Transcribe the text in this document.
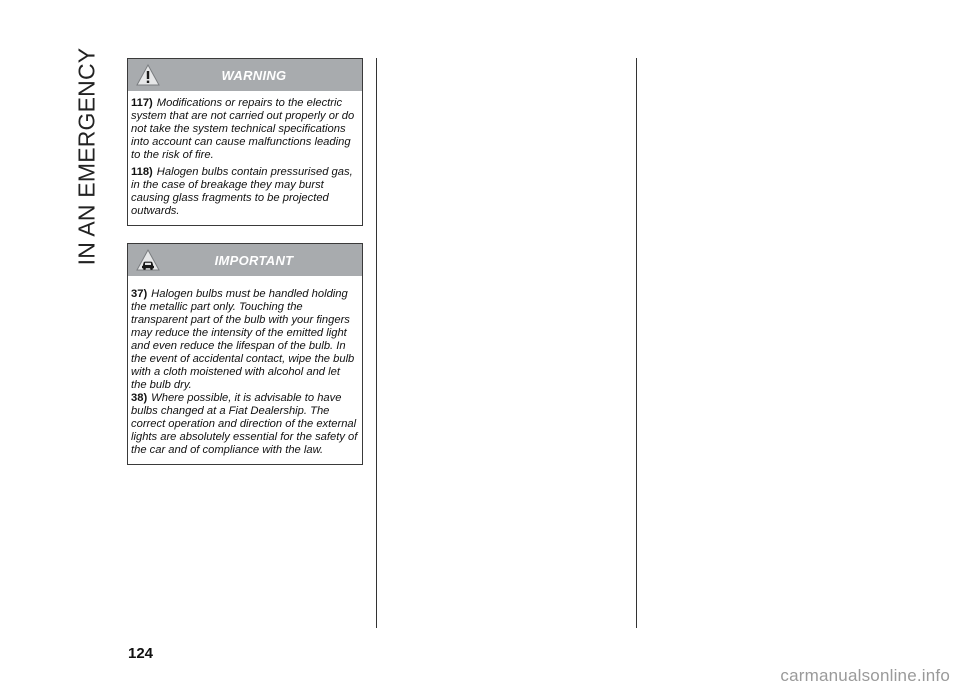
IN AN EMERGENCY	WARNING

117) Modifications or repairs to the electric system that are not carried out properly or do not take the system technical specifications into account can cause malfunctions leading to the risk of fire.

118) Halogen bulbs contain pressurised gas, in the case of breakage they may burst causing glass fragments to be projected outwards.

IMPORTANT

37) Halogen bulbs must be handled holding the metallic part only. Touching the transparent part of the bulb with your fingers may reduce the intensity of the emitted light and even reduce the lifespan of the bulb. In the event of accidental contact, wipe the bulb with a cloth moistened with alcohol and let the bulb dry.

38) Where possible, it is advisable to have bulbs changed at a Fiat Dealership. The correct operation and direction of the external lights are absolutely essential for the safety of the car and of compliance with the law.

124
carmanualsonline.info
